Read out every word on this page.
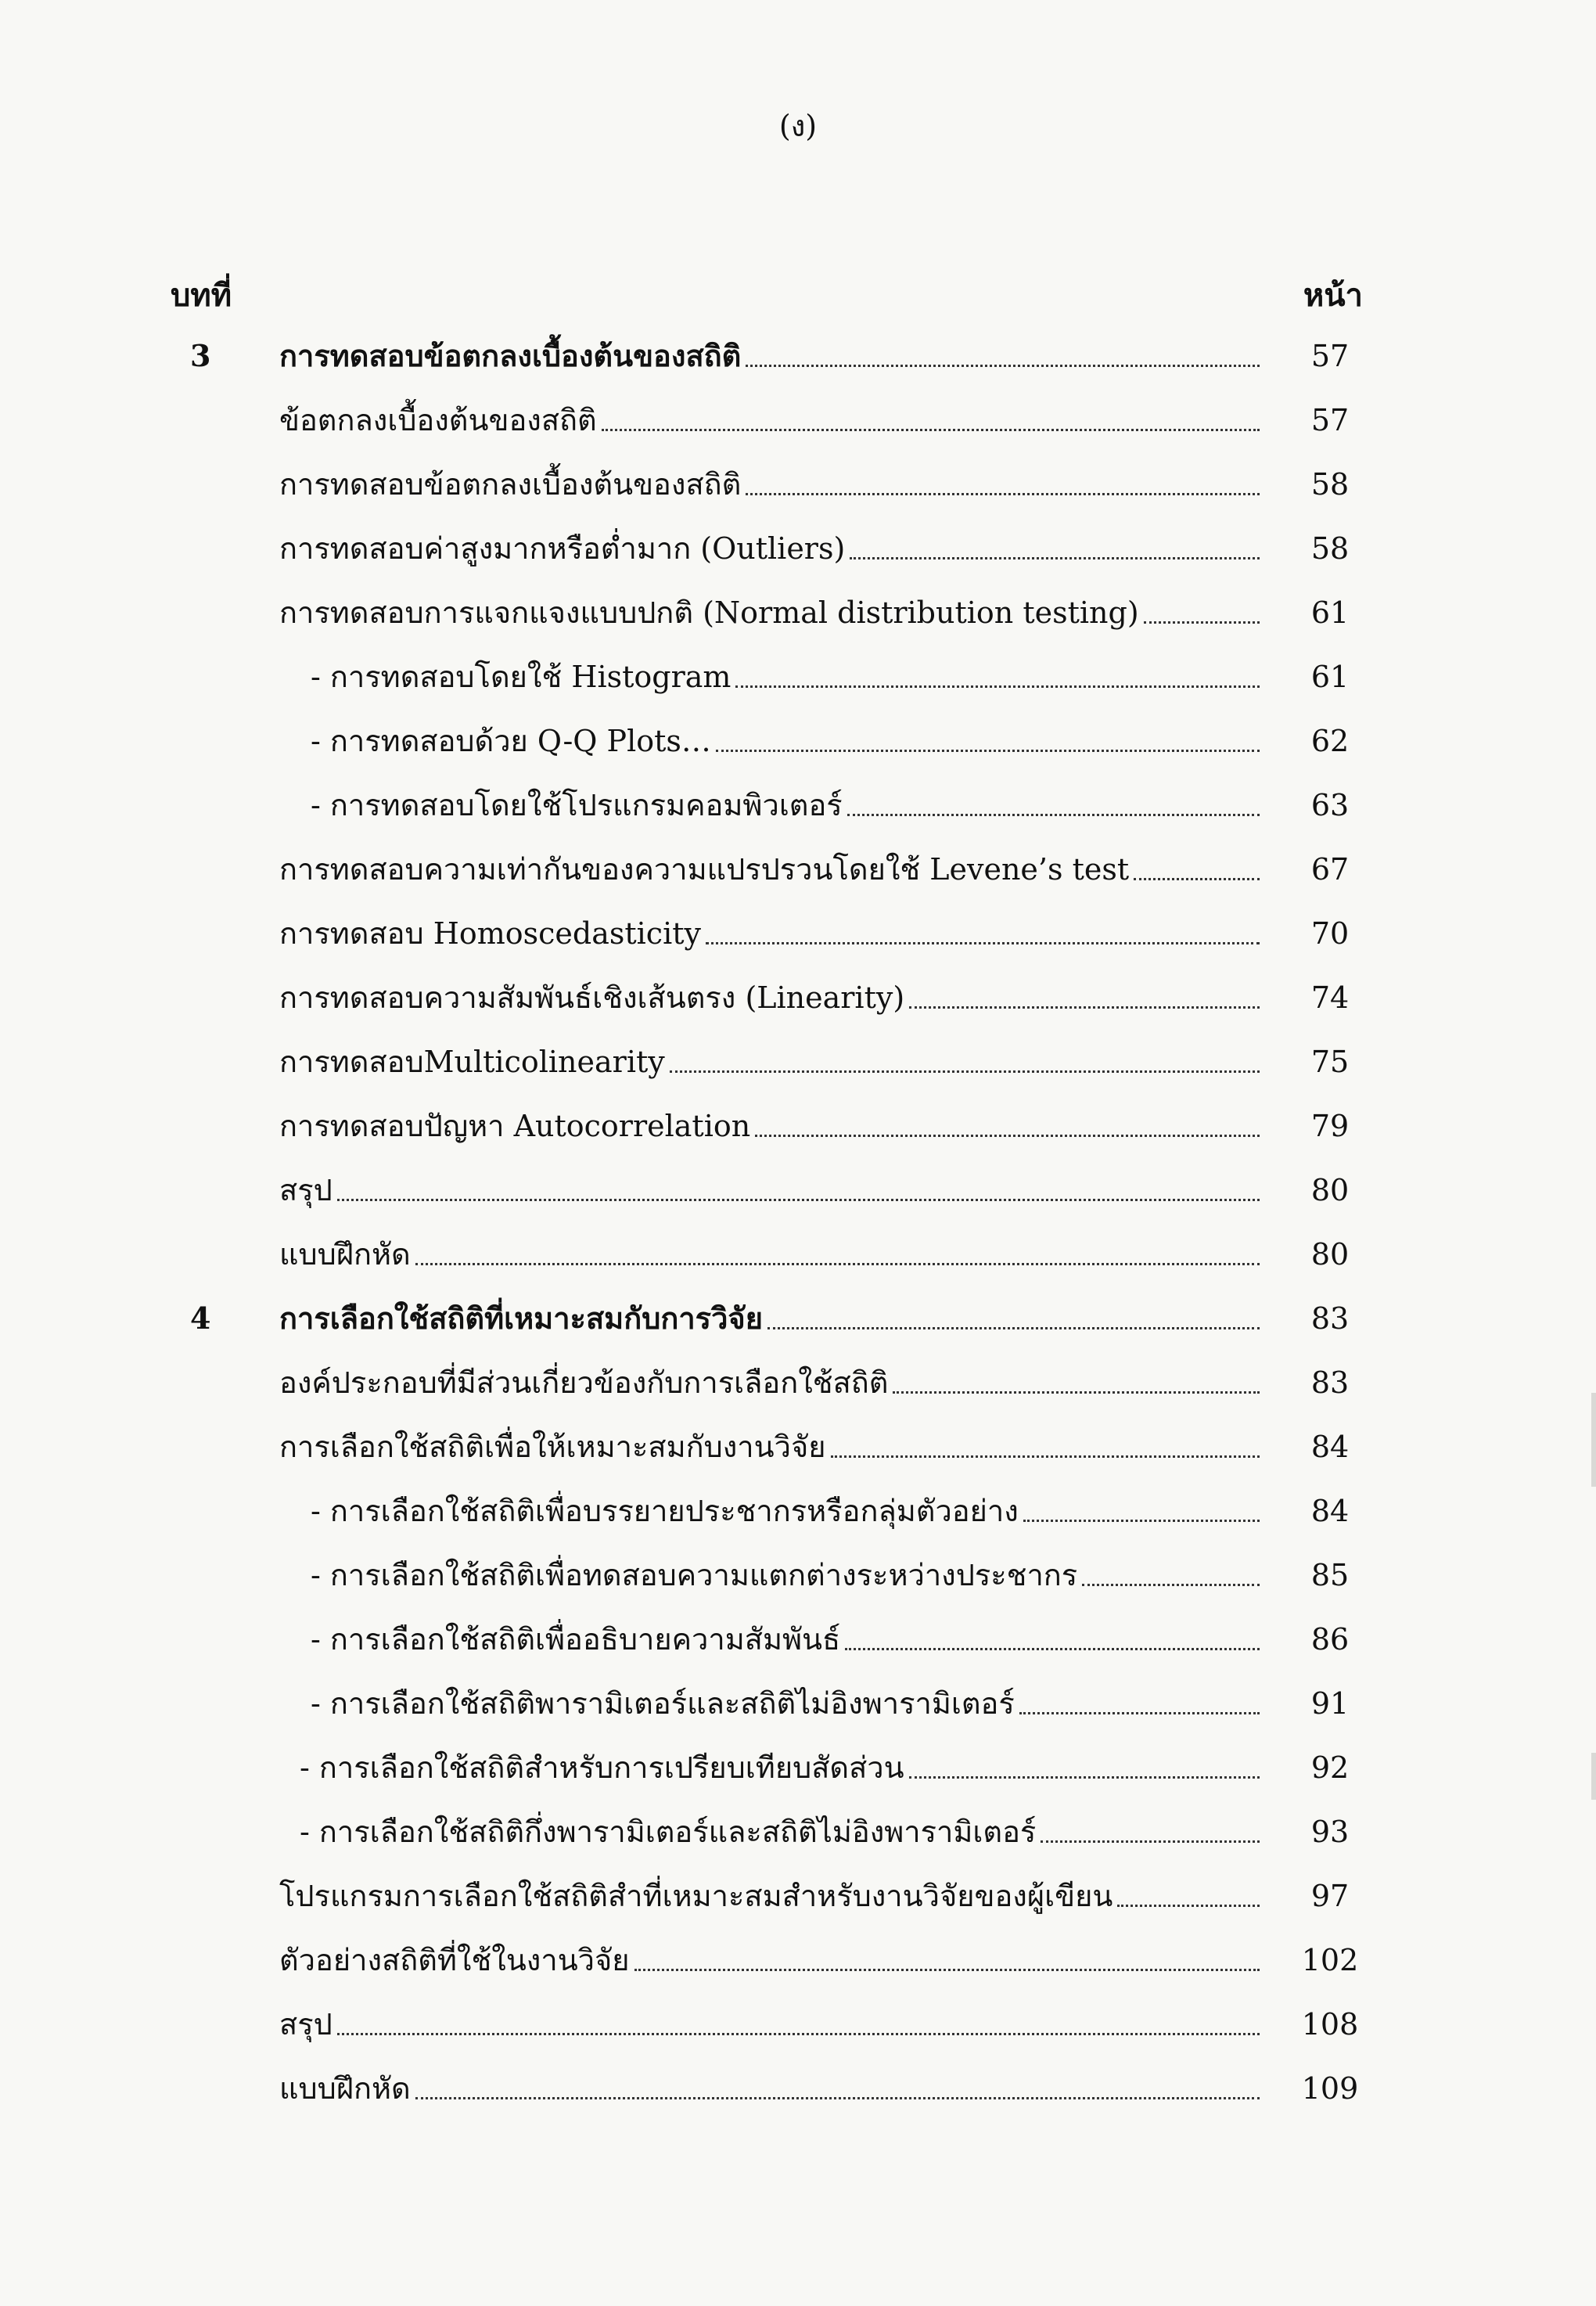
(ง)
บทที่	หน้า
3 การทดสอบข้อตกลงเบื้องต้นของสถิติ	57
ข้อตกลงเบื้องต้นของสถิติ	57
การทดสอบข้อตกลงเบื้องต้นของสถิติ	58
การทดสอบค่าสูงมากหรือต่ำมาก (Outliers)	58
การทดสอบการแจกแจงแบบปกติ (Normal distribution testing)	61
- การทดสอบโดยใช้ Histogram	61
- การทดสอบด้วย Q-Q Plots…	62
- การทดสอบโดยใช้โปรแกรมคอมพิวเตอร์	63
การทดสอบความเท่ากันของความแปรปรวนโดยใช้ Levene’s test	67
การทดสอบ Homoscedasticity	70
การทดสอบความสัมพันธ์เชิงเส้นตรง (Linearity)	74
การทดสอบMulticolinearity	75
การทดสอบปัญหา Autocorrelation	79
สรุป	80
แบบฝึกหัด	80
4 การเลือกใช้สถิติที่เหมาะสมกับการวิจัย	83
องค์ประกอบที่มีส่วนเกี่ยวข้องกับการเลือกใช้สถิติ	83
การเลือกใช้สถิติเพื่อให้เหมาะสมกับงานวิจัย	84
- การเลือกใช้สถิติเพื่อบรรยายประชากรหรือกลุ่มตัวอย่าง	84
- การเลือกใช้สถิติเพื่อทดสอบความแตกต่างระหว่างประชากร	85
- การเลือกใช้สถิติเพื่ออธิบายความสัมพันธ์	86
- การเลือกใช้สถิติพารามิเตอร์และสถิติไม่อิงพารามิเตอร์	91
- การเลือกใช้สถิติสำหรับการเปรียบเทียบสัดส่วน	92
- การเลือกใช้สถิติกึ่งพารามิเตอร์และสถิติไม่อิงพารามิเตอร์	93
โปรแกรมการเลือกใช้สถิติสำที่เหมาะสมสำหรับงานวิจัยของผู้เขียน	97
ตัวอย่างสถิติที่ใช้ในงานวิจัย	102
สรุป	108
แบบฝึกหัด	109
